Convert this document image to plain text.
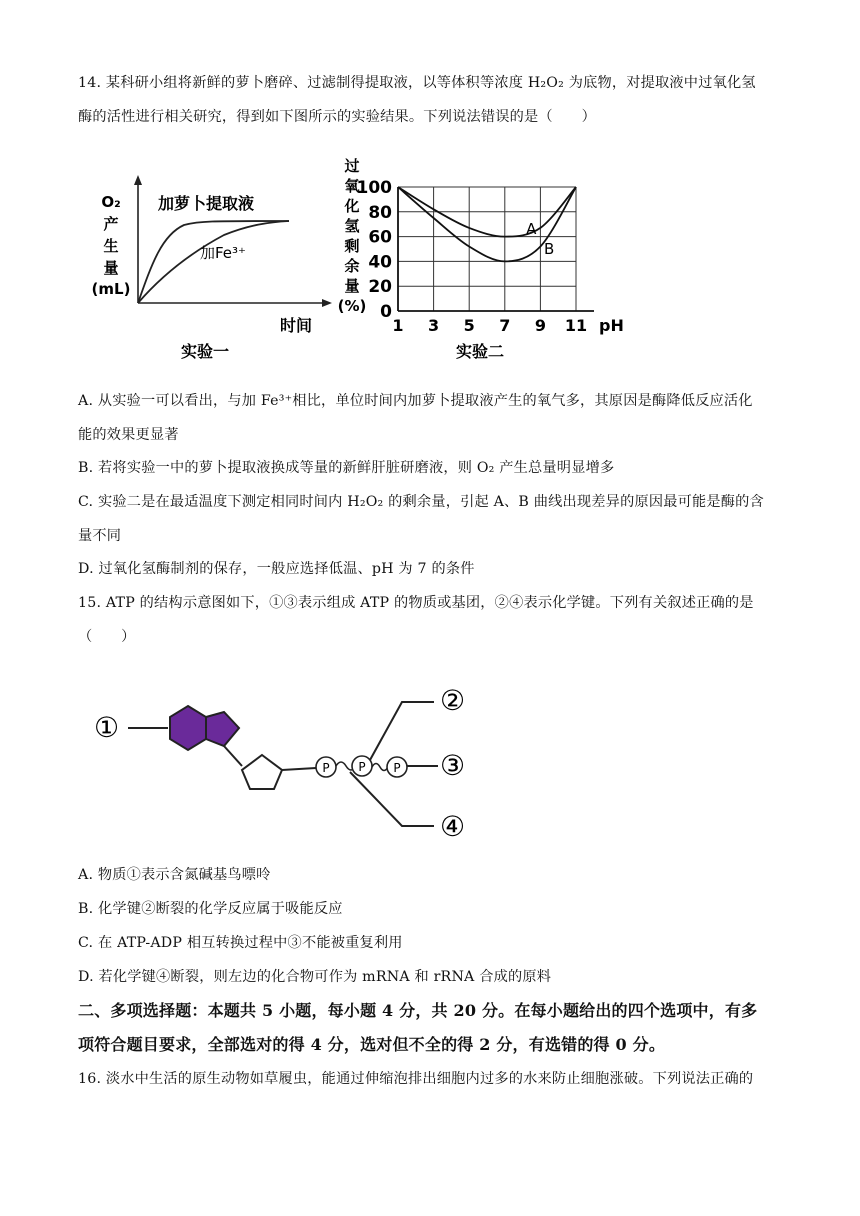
14. 某科研小组将新鲜的萝卜磨碎、过滤制得提取液，以等体积等浓度 H₂O₂ 为底物，对提取液中过氧化氢
酶的活性进行相关研究，得到如下图所示的实验结果。下列说法错误的是（　　）
O₂
产
生
量
(mL)
加萝卜提取液
加Fe³⁺
时间
实验一
过
氧
化
氢
剩
余
量
(%) 0
20
40
60
80
100
1 3 5 7 9 11
A
B
pH
实验二
A. 从实验一可以看出，与加 Fe³⁺相比，单位时间内加萝卜提取液产生的氧气多，其原因是酶降低反应活化
能的效果更显著
B. 若将实验一中的萝卜提取液换成等量的新鲜肝脏研磨液，则 O₂ 产生总量明显增多
C. 实验二是在最适温度下测定相同时间内 H₂O₂ 的剩余量，引起 A、B 曲线出现差异的原因最可能是酶的含
量不同
D. 过氧化氢酶制剂的保存，一般应选择低温、pH 为 7 的条件
15. ATP 的结构示意图如下，①③表示组成 ATP 的物质或基团，②④表示化学键。下列有关叙述正确的是
（　　）
①
P P P
②
③
④
A. 物质①表示含氮碱基鸟嘌呤
B. 化学键②断裂的化学反应属于吸能反应
C. 在 ATP-ADP 相互转换过程中③不能被重复利用
D. 若化学键④断裂，则左边的化合物可作为 mRNA 和 rRNA 合成的原料
二、多项选择题：本题共 5 小题，每小题 4 分，共 20 分。在每小题给出的四个选项中，有多
项符合题目要求，全部选对的得 4 分，选对但不全的得 2 分，有选错的得 0 分。
16. 淡水中生活的原生动物如草履虫，能通过伸缩泡排出细胞内过多的水来防止细胞涨破。下列说法正确的
